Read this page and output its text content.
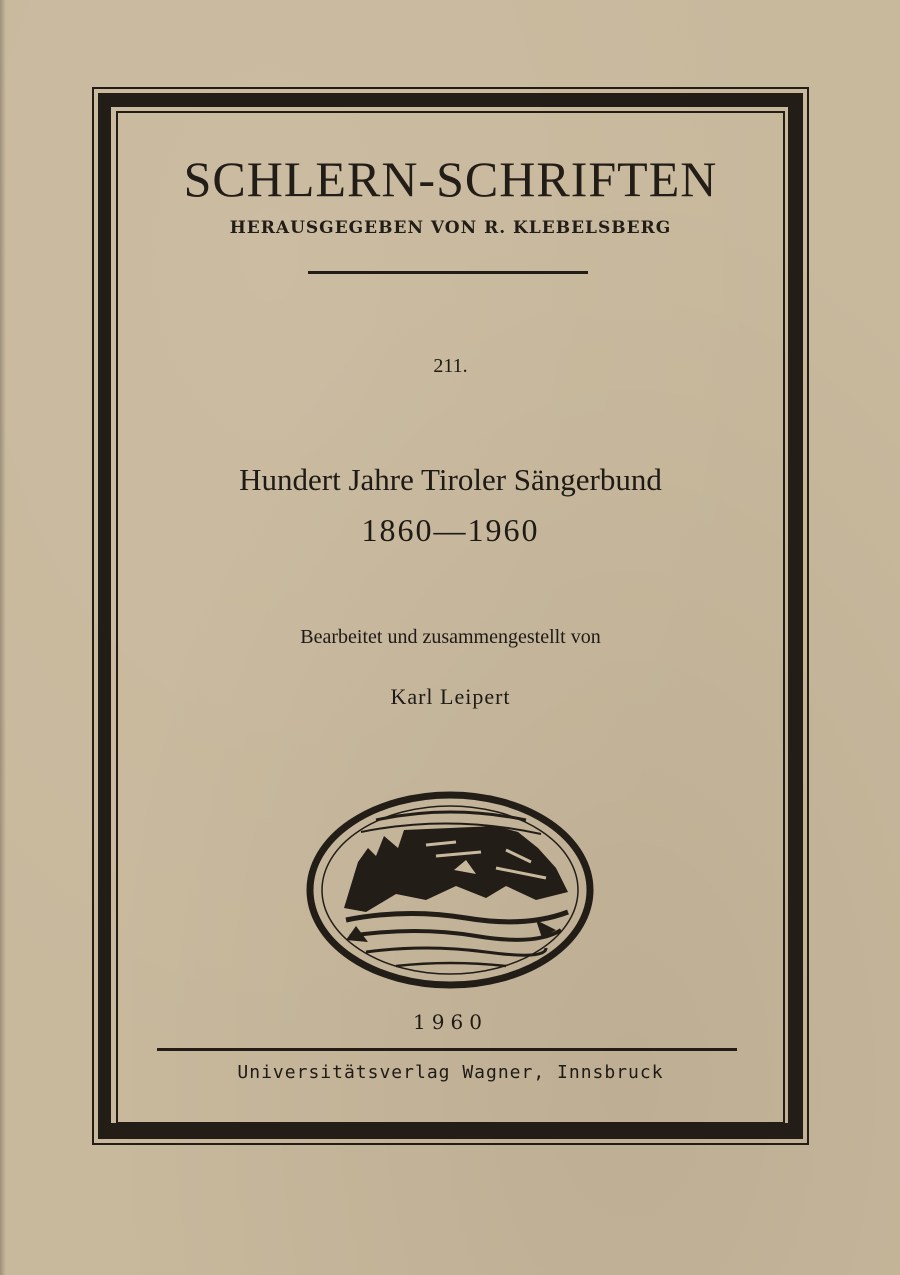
SCHLERN-SCHRIFTEN
HERAUSGEGEBEN VON R. KLEBELSBERG
211.
Hundert Jahre Tiroler Sängerbund
1860—1960
Bearbeitet und zusammengestellt von
Karl Leipert
1960
Universitätsverlag Wagner, Innsbruck
